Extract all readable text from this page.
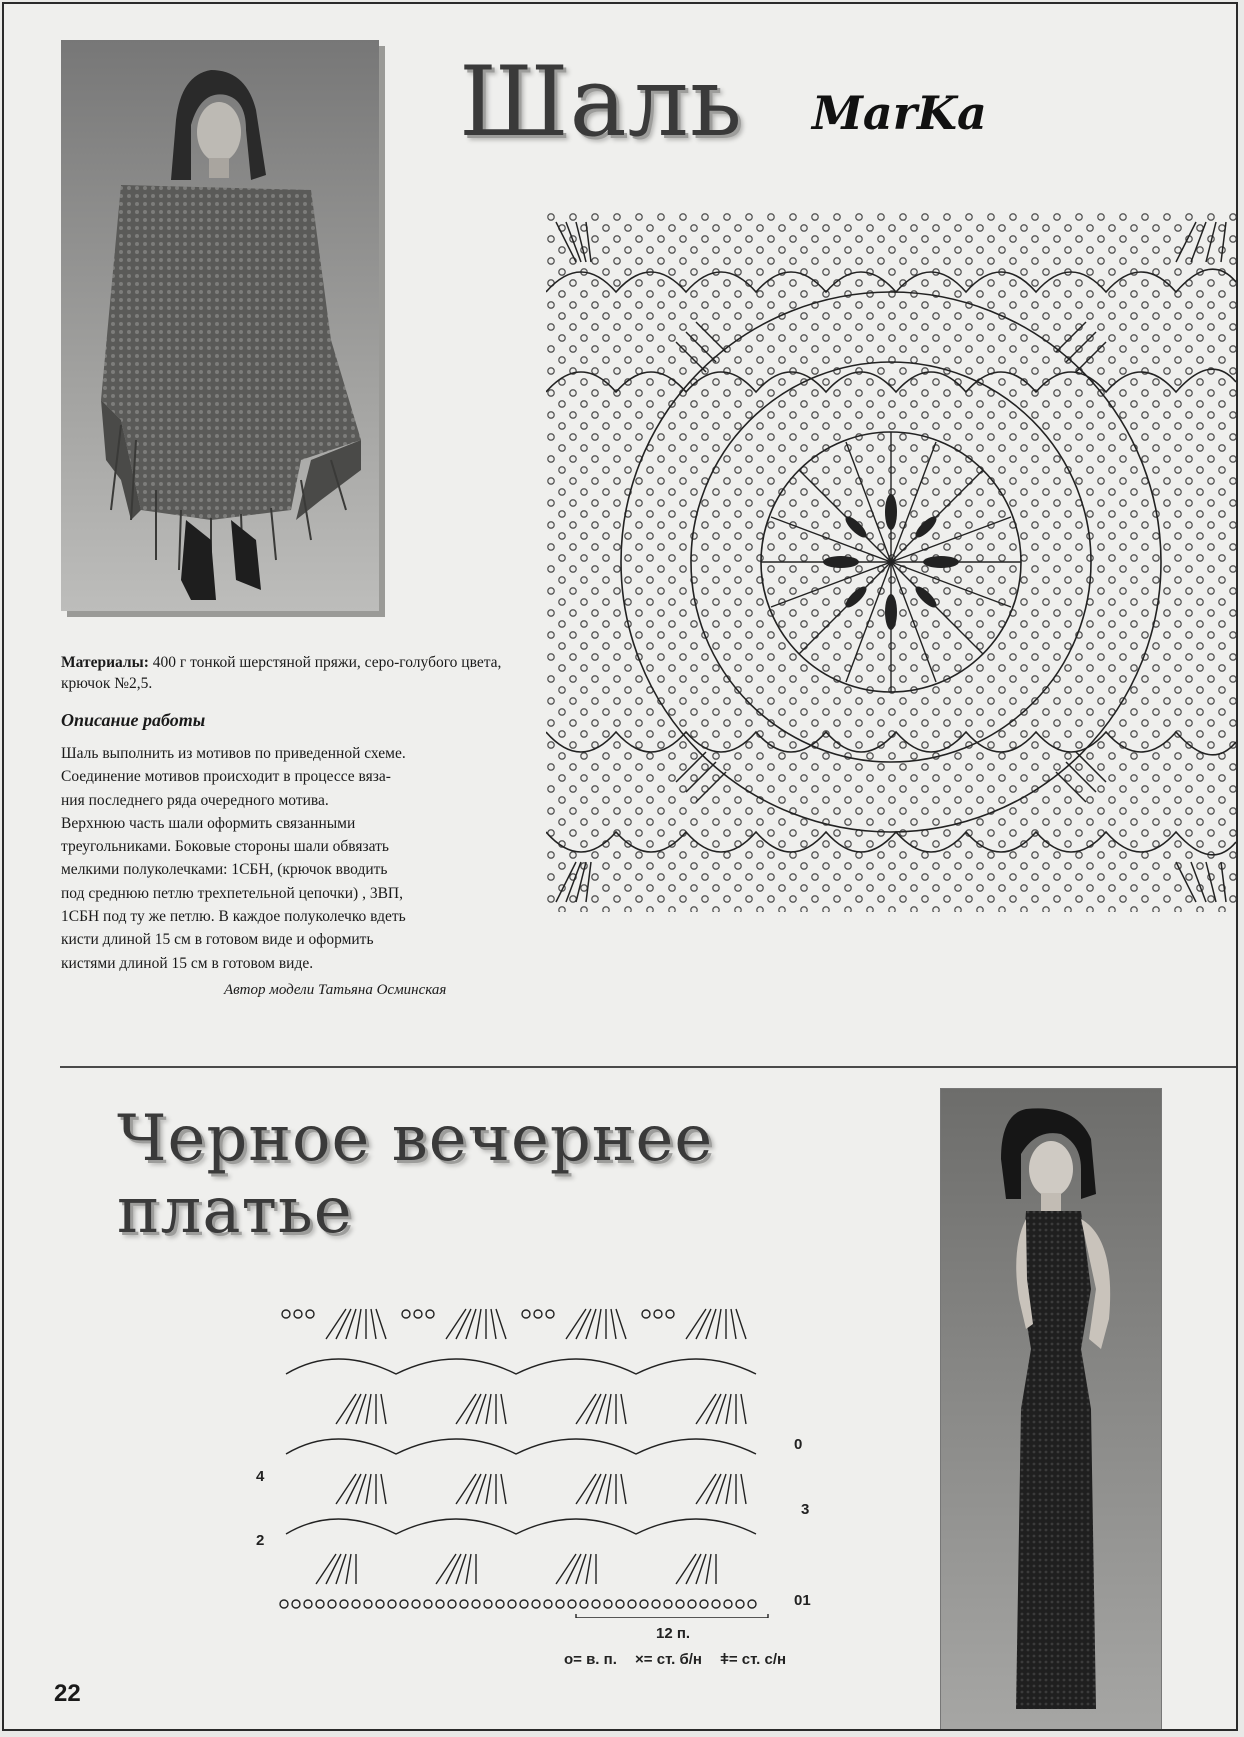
Шаль MarKa
Материалы: 400 г тонкой шерстяной пряжи, серо-голубого цвета, крючок №2,5.
Описание работы

Шаль выполнить из мотивов по приведенной схеме.

Соединение мотивов происходит в процессе вяза-

ния последнего ряда очередного мотива.

Верхнюю часть шали оформить связанными

треугольниками. Боковые стороны шали обвязать

мелкими полуколечками: 1СБН, (крючок вводить

под среднюю петлю трехпетельной цепочки) , 3ВП,

1СБН под ту же петлю. В каждое полуколечко вдеть

кисти длиной 15 см в готовом виде и оформить

кистями длиной 15 см в готовом виде.

Автор модели Татьяна Осминская
Черное вечернее
платье
4
2
3
0
01
12 п.
о= в. п. ×= ст. б/н ǂ= ст. с/н
22
